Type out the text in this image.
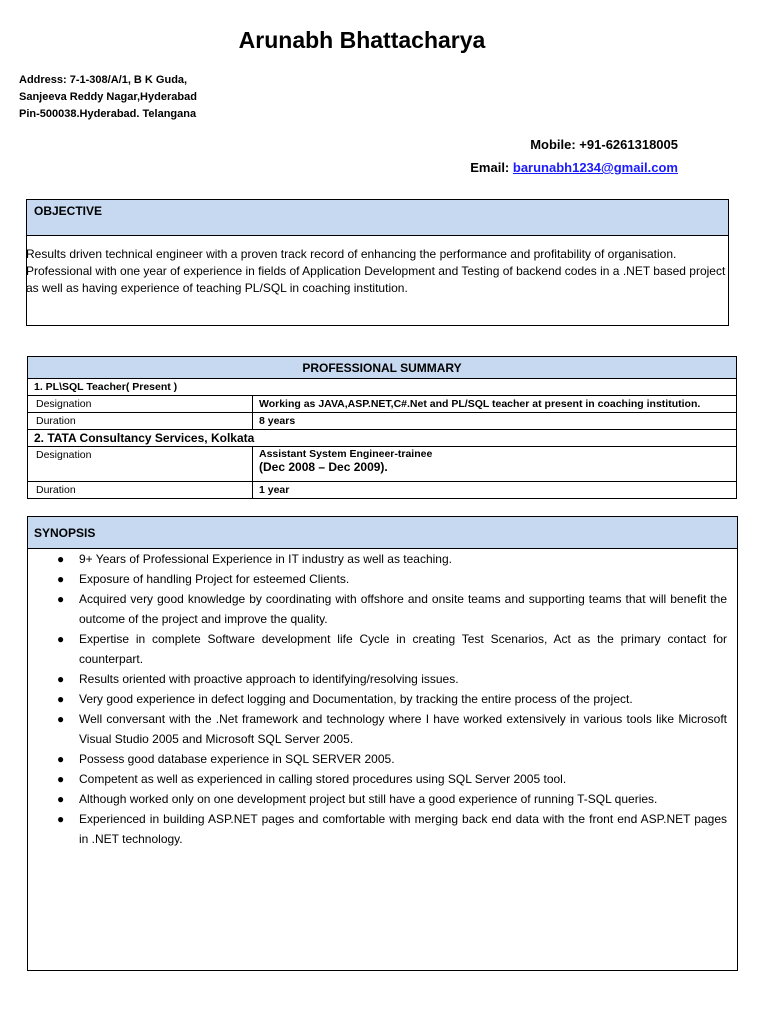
Arunabh Bhattacharya
Address: 7-1-308/A/1, B K Guda,
Sanjeeva Reddy Nagar,Hyderabad
Pin-500038.Hyderabad. Telangana
Mobile: +91-6261318005
Email: barunabh1234@gmail.com
OBJECTIVE
Results driven technical engineer with a proven track record of enhancing the performance and profitability of organisation.
Professional with one year of experience in fields of Application Development and Testing of backend codes in a .NET based project as well as having experience of teaching PL/SQL in coaching institution.
PROFESSIONAL SUMMARY	
1. PL\SQL Teacher( Present )	
Designation	Working as JAVA,ASP.NET,C#.Net and PL/SQL teacher at present in coaching institution.
Duration	8 years
2. TATA Consultancy Services, Kolkata	
Designation	Assistant System Engineer-trainee
(Dec 2008 – Dec 2009).

Duration	1 year
SYNOPSIS
● 9+ Years of Professional Experience in IT industry as well as teaching.
● Exposure of handling Project for esteemed Clients.
● Acquired very good knowledge by coordinating with offshore and onsite teams and supporting teams that will benefit the outcome of the project and improve the quality.
● Expertise in complete Software development life Cycle in creating Test Scenarios, Act as the primary contact for counterpart.
● Results oriented with proactive approach to identifying/resolving issues.
● Very good experience in defect logging and Documentation, by tracking the entire process of the project.
● Well conversant with the .Net framework and technology where I have worked extensively in various tools like Microsoft Visual Studio 2005 and Microsoft SQL Server 2005.
● Possess good database experience in SQL SERVER 2005.
● Competent as well as experienced in calling stored procedures using SQL Server 2005 tool.
● Although worked only on one development project but still have a good experience of running T-SQL queries.
● Experienced in building ASP.NET pages and comfortable with merging back end data with the front end ASP.NET pages in .NET technology.
